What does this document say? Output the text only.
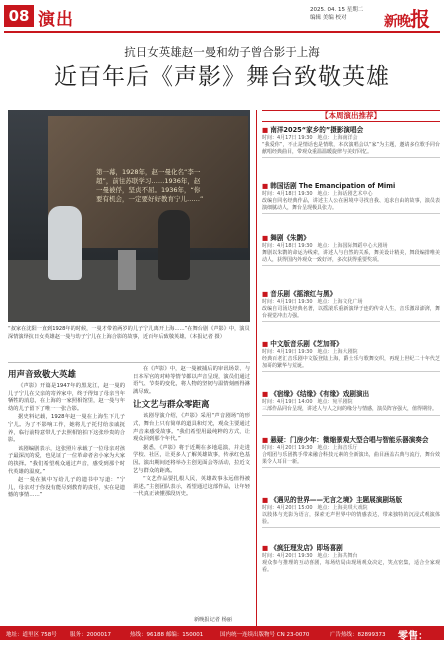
08 演出	2025. 04. 15 星期二
编辑 美编 校对	新晚报
抗日女英雄赵一曼和幼子曾合影于上海
近百年后《声影》舞台致敬英雄
第一幕，1928年，赵一曼化名“李一超”，前往苏联学习……1936年，赵一曼被俘，坚贞不屈。1936年，“你要有机会，一定要好好教育宁儿……”
“叔家在沈阳一直到1928年的时候，一曼才带着两岁的儿子宁儿离开上海……”在舞台剧《声影》中，演员深情演绎抗日女英雄赵一曼与幼子宁儿在上海合影的故事，近百年后致敬英雄。（本报记者 摄）
用声音致敬大英雄

《声影》开篇是1947年的黑龙江，赵一曼的儿子宁儿在父亲的寄养家中，终于得知了母亲当年牺牲的消息，在上海的一家照相馆里，赵一曼与年幼的儿子留下了唯一一张合影。

据史料记载，1928年赵一曼在上海生下儿子宁儿。为了不影响工作，她将儿子托付给亲戚抚养，临行前特意带儿子去照相馆拍下这张珍贵的合影。

该剧编剧表示，这张照片承载了一位母亲对孩子最深沉的爱，也见证了一位革命者舍小家为大家的抉择。“我们希望观众通过声音，感受到那个时代英雄的温度。”

赵一曼在狱中写给儿子的遗书中写道：“宁儿，母亲对于你没有能尽到教育的责任，实在是遗憾的事情……”

在《声影》中，赵一曼被捕后的审讯场景、与日本军官的对峙等情节都以声音呈现，演员们通过语气、节奏的变化，将人物的坚韧与温情刻画得淋漓尽致。

让文艺与群众零距离

该剧导演介绍，《声影》采用“声音剧场”的形式，舞台上只有简单的道具和灯光，观众主要通过声音来感受故事。“我们希望用最纯粹的方式，让观众回到那个年代。”

据悉，《声影》将于近期在多地巡演，并走进学校、社区，让更多人了解英雄故事，传承红色基因。演出期间还将举办主创见面会等活动，拉近文艺与群众的距离。

“文艺作品要扎根人民，英雄故事永远值得被讲述。”主创团队表示，希望通过这部作品，让年轻一代真正读懂那段历史。

新晚报记者 杨丽
【本周演出推荐】
■ 南洋2025“家乡的”摄影演唱会
时间：4月17日 19:30　地点：上海南洋会
“我爱你”，不止是情话也是情歌，本次演唱会以“家”为主题，邀请多位歌手同台献唱经典曲目，带观众重温温暖旋律与美好回忆。
■ 韩国话剧 The Emancipation of Mimi
时间：4月18日 19:30　地点：上海话剧艺术中心
改编自同名经典作品，讲述主人公在困境中寻找自我、追求自由的故事，演员表演细腻动人，舞台呈现极具张力。
■ 舞剧《朱鹮》
时间：4月18日 19:30　地点：上海国际舞蹈中心大剧场
舞剧以朱鹮的命运为线索，讲述人与自然的关系，舞美设计精美，舞段编排唯美动人，获得国内外观众一致好评，多次获得重要奖项。
■ 音乐剧《摇滚红与黑》
时间：4月19日 19:30　地点：上海文化广场
改编自司汤达经典名著，以摇滚乐重新演绎于连的传奇人生，音乐激昂澎湃，舞台视觉冲击力强。
■ 中文版音乐剧《芝加哥》
时间：4月19日 19:30　地点：上海大剧院
经典百老汇音乐剧中文版登陆上海，爵士乐与歌舞交织，再现上世纪二十年代芝加哥的繁华与荒诞。
■ 《宿缘》《结缘》《有缘》戏剧演出
时间：4月19日 14:00　地点：宛平剧院
三部作品同台呈现，讲述人与人之间的缘分与情感，演员阵容强大，值得期待。
■ 悬疑：门房少年：微缩景观大型合唱与智能乐器演奏会
时间：4月20日 19:30　地点：上海音乐厅
合唱团与乐团携手带来融合科技元素的全新演出，曲目涵盖古典与流行，舞台效果令人耳目一新。
■ 《遇见的世界——无言之境》主题展演剧场版
时间：4月20日 15:00　地点：上海美琪大戏院
以肢体与光影为语言，探索无声世界中的情感表达，带来独特的沉浸式观演体验。
■ 《疯狂理发店》即场喜剧
时间：4月20日 19:30　地点：上海共舞台
观众参与推理的互动喜剧，每场结局由现场观众决定，笑点密集，适合全家观看。
地址：道里区 758号 服务：2000017	热线：96188 邮编：150001	国内统一连续出版物号 CN 23-0070	广告热线：82899373 零售：1.50元
